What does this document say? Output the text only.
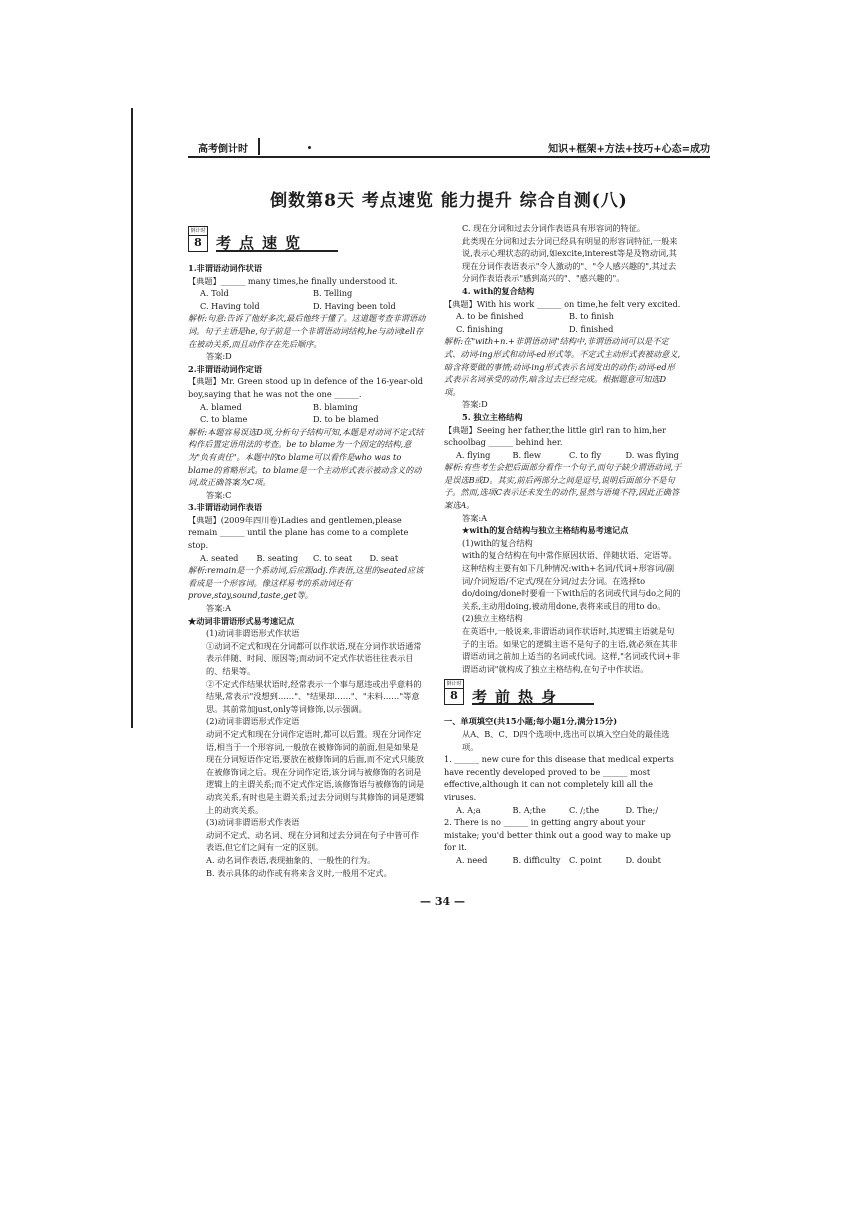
高考倒计时	知识+框架+方法+技巧+心态=成功
倒数第8天 考点速览 能力提升 综合自测(八)
倒计时
8 考点速览

1.非谓语动词作状语

【典题】______ many times,he finally understood it.

A. Told	B. Telling
C. Having told	D. Having been told

解析:句意:告诉了他好多次,最后他终于懂了。这道题考查非谓语动词。句子主语是he,句子前是一个非谓语动词结构,he与动词tell存在被动关系,而且动作存在先后顺序。

答案:D

2.非谓语动词作定语

【典题】Mr. Green stood up in defence of the 16-year-old boy,saying that he was not the one ______.

A. blamed	B. blaming
C. to blame	D. to be blamed

解析:本题容易误选D项,分析句子结构可知,本题是对动词不定式结构作后置定语用法的考查。be to blame为一个固定的结构,意为"负有责任"。本题中的to blame可以看作是who was to blame的省略形式。to blame是一个主动形式表示被动含义的动词,故正确答案为C项。

答案:C

3.非谓语动词作表语

【典题】(2009年四川卷)Ladies and gentlemen,please remain ______ until the plane has come to a complete stop.

A. seated	B. seating	C. to seat	D. seat

解析:remain是一个系动词,后应跟adj.作表语,这里的seated应该看成是一个形容词。像这样易考的系动词还有prove,stay,sound,taste,get等。

答案:A

★动词非谓语形式易考速记点

(1)动词非谓语形式作状语

①动词不定式和现在分词都可以作状语,现在分词作状语通常表示伴随、时间、原因等;而动词不定式作状语往往表示目的、结果等。

②不定式作结果状语时,经常表示一个事与愿违或出乎意料的结果,常表示"没想到……"、"结果却……"、"未料……"等意思。其前常加just,only等词修饰,以示强调。

(2)动词非谓语形式作定语

动词不定式和现在分词作定语时,都可以后置。现在分词作定语,相当于一个形容词,一般放在被修饰词的前面,但是如果是现在分词短语作定语,要放在被修饰词的后面,而不定式只能放在被修饰词之后。现在分词作定语,该分词与被修饰的名词是逻辑上的主谓关系;而不定式作定语,该修饰语与被修饰的词是动宾关系,有时也是主谓关系;过去分词则与其修饰的词是逻辑上的动宾关系。

(3)动词非谓语形式作表语

动词不定式、动名词、现在分词和过去分词在句子中皆可作表语,但它们之间有一定的区别。

A. 动名词作表语,表现抽象的、一般性的行为。

B. 表示具体的动作或有将来含义时,一般用不定式。

C. 现在分词和过去分词作表语具有形容词的特征。

此类现在分词和过去分词已经具有明显的形容词特征,一般来说,表示心理状态的动词,如excite,interest等是及物动词,其现在分词作表语表示"令人激动的"、"令人感兴趣的",其过去分词作表语表示"感到高兴的"、"感兴趣的"。

4. with的复合结构

【典题】With his work ______ on time,he felt very excited.

A. to be finished	B. to finish
C. finishing	D. finished

解析:在"with+n.+非谓语动词"结构中,非谓语动词可以是不定式、动词-ing形式和动词-ed形式等。不定式主动形式表被动意义,暗含将要做的事情;动词-ing形式表示名词发出的动作;动词-ed形式表示名词承受的动作,暗含过去已经完成。根据题意可知选D项。

答案:D

5. 独立主格结构

【典题】Seeing her father,the little girl ran to him,her schoolbag ______ behind her.

A. flying	B. flew	C. to fly	D. was flying

解析:有些考生会把后面部分看作一个句子,而句子缺少谓语动词,于是误选B或D。其实,前后两部分之间是逗号,说明后面部分不是句子。然而,选项C表示还未发生的动作,显然与语境不符,因此正确答案选A。

答案:A

★with的复合结构与独立主格结构易考速记点

(1)with的复合结构

with的复合结构在句中常作原因状语、伴随状语、定语等。这种结构主要有如下几种情况:with+名词/代词+形容词/副词/介词短语/不定式/现在分词/过去分词。在选择to do/doing/done时要看一下with后的名词或代词与do之间的关系,主动用doing,被动用done,表将来或目的用to do。

(2)独立主格结构

在英语中,一般说来,非谓语动词作状语时,其逻辑主语就是句子的主语。如果它的逻辑主语不是句子的主语,就必须在其非谓语动词之前加上适当的名词或代词。这样,"名词或代词+非谓语动词"就构成了独立主格结构,在句子中作状语。

倒计时
8 考前热身

一、单项填空(共15小题;每小题1分,满分15分)

从A、B、C、D四个选项中,选出可以填入空白处的最佳选项。

1. ______ new cure for this disease that medical experts have recently developed proved to be ______ most effective,although it can not completely kill all the viruses.

A. A;a	B. A;the	C. /;the	D. The;/

2. There is no ______ in getting angry about your mistake; you'd better think out a good way to make up for it.

A. need	B. difficulty	C. point	D. doubt
— 34 —
